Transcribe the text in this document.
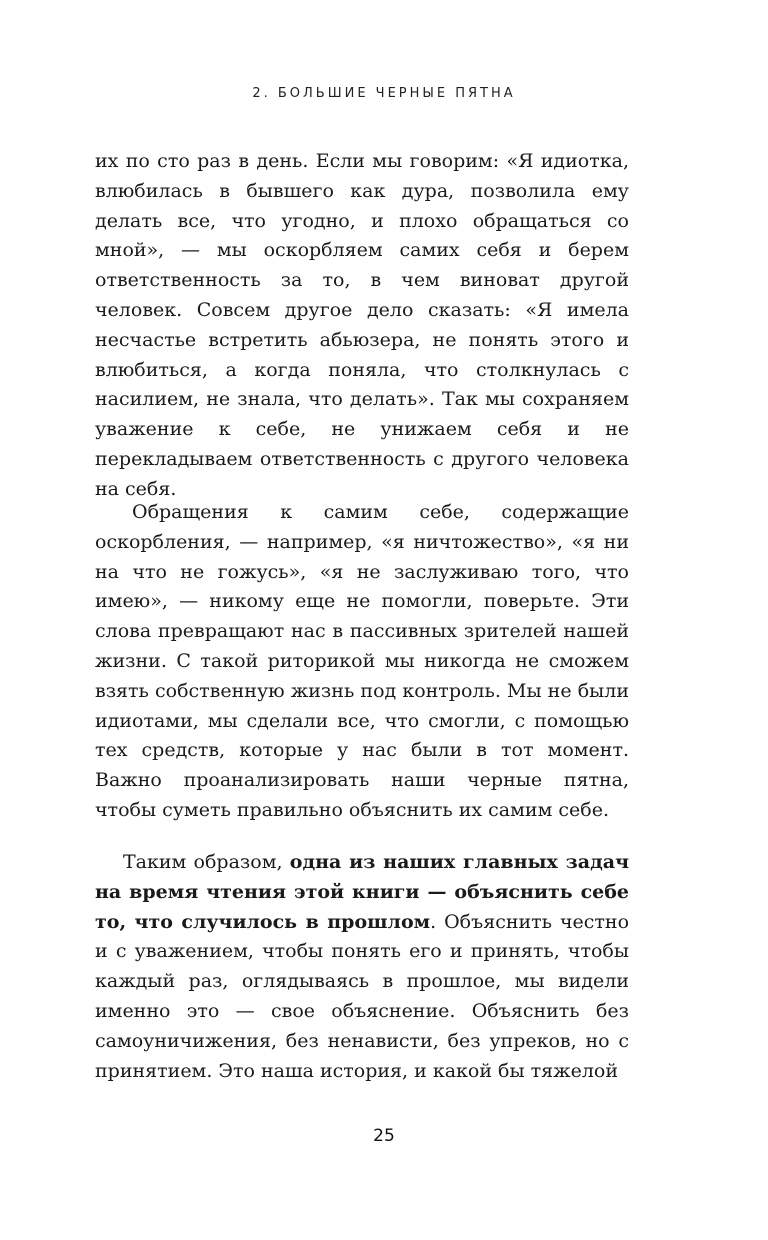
2. БОЛЬШИЕ ЧЕРНЫЕ ПЯТНА

их по сто раз в день. Если мы говорим: «Я идиотка, влюбилась в бывшего как дура, позволила ему делать все, что угодно, и плохо обращаться со мной», — мы оскорбляем самих себя и берем ответственность за то, в чем виноват другой человек. Совсем другое дело сказать: «Я имела несчастье встретить абьюзера, не понять этого и влюбиться, а когда поняла, что столкнулась с насилием, не знала, что делать». Так мы сохраняем уважение к себе, не унижаем себя и не перекладываем ответственность с другого человека на себя.

Обращения к самим себе, содержащие оскорбления, — например, «я ничтожество», «я ни на что не гожусь», «я не заслуживаю того, что имею», — никому еще не помогли, поверьте. Эти слова превращают нас в пассивных зрителей нашей жизни. С такой риторикой мы никогда не сможем взять собственную жизнь под контроль. Мы не были идиотами, мы сделали все, что смогли, с помощью тех средств, которые у нас были в тот момент. Важно проанализировать наши черные пятна, чтобы суметь правильно объяснить их самим себе.

Таким образом, одна из наших главных задач на время чтения этой книги — объяснить себе то, что случилось в прошлом. Объяснить честно и с уважением, чтобы понять его и принять, чтобы каждый раз, оглядываясь в прошлое, мы видели именно это — свое объяснение. Объяснить без самоуничижения, без ненависти, без упреков, но с принятием. Это наша история, и какой бы тяжелой

25
